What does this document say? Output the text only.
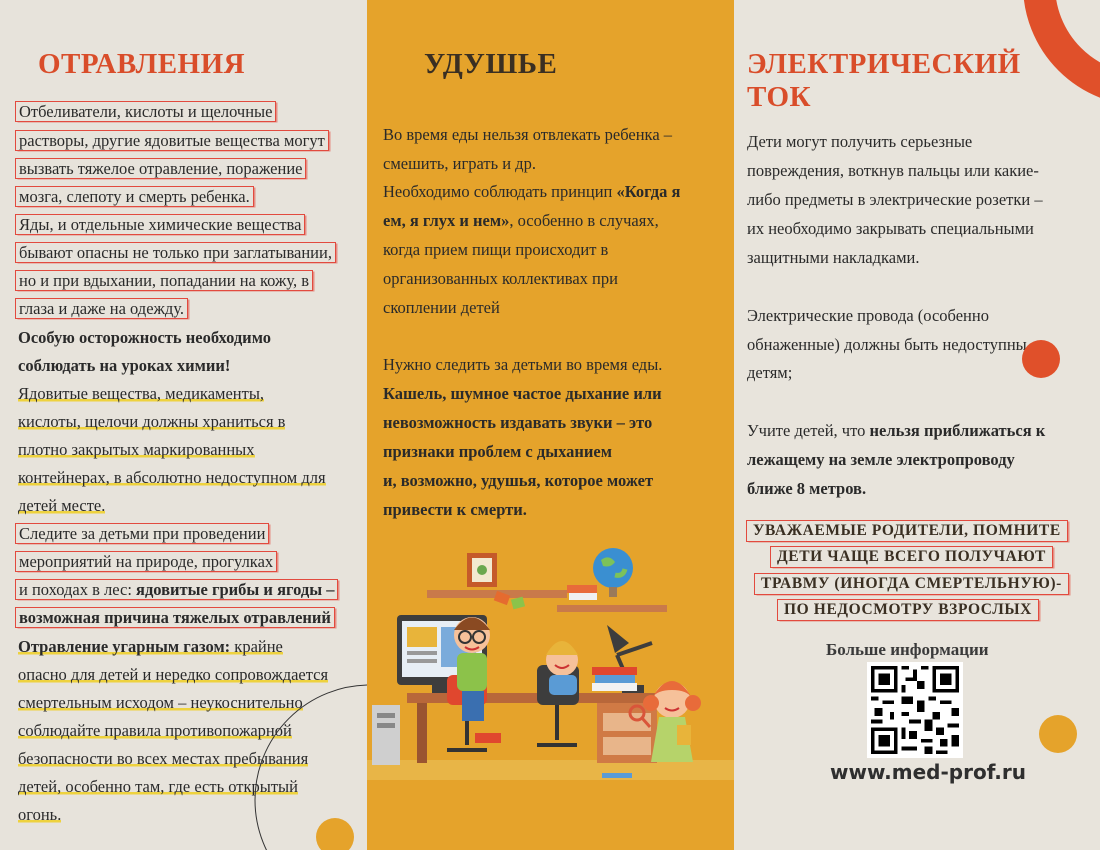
ОТРАВЛЕНИЯ
Отбеливатели, кислоты и щелочные
растворы, другие ядовитые вещества могут
вызвать тяжелое отравление, поражение
мозга, слепоту и смерть ребенка.
Яды, и отдельные химические вещества
бывают опасны не только при заглатывании,
но и при вдыхании, попадании на кожу, в
глаза и даже на одежду.
Особую осторожность необходимо
соблюдать на уроках химии!
Ядовитые вещества, медикаменты,
кислоты, щелочи должны храниться в
плотно закрытых маркированных
контейнерах, в абсолютно недоступном для
детей месте.
Следите за детьми при проведении
мероприятий на природе, прогулках
и походах в лес: ядовитые грибы и ягоды –
возможная причина тяжелых отравлений
Отравление угарным газом: крайне
опасно для детей и нередко сопровождается
смертельным исходом – неукоснительно
соблюдайте правила противопожарной
безопасности во всех местах пребывания
детей, особенно там, где есть открытый
огонь.
УДУШЬЕ
Во время еды нельзя отвлекать ребенка –
смешить, играть и др.
Необходимо соблюдать принцип «Когда я
ем, я глух и нем», особенно в случаях,
когда прием пищи происходит в
организованных коллективах при
скоплении детей
Нужно следить за детьми во время еды.
Кашель, шумное частое дыхание или
невозможность издавать звуки – это
признаки проблем с дыханием
и, возможно, удушья, которое может
привести к смерти.
ЭЛЕКТРИЧЕСКИЙ
ТОК
Дети могут получить серьезные
повреждения, воткнув пальцы или какие-
либо предметы в электрические розетки –
их необходимо закрывать специальными
защитными накладками.
Электрические провода (особенно
обнаженные) должны быть недоступны
детям;
Учите детей, что нельзя приближаться к
лежащему на земле электропроводу
ближе 8 метров.
УВАЖАЕМЫЕ РОДИТЕЛИ, ПОМНИТЕ
ДЕТИ ЧАЩЕ ВСЕГО ПОЛУЧАЮТ
ТРАВМУ (ИНОГДА СМЕРТЕЛЬНУЮ)-
ПО НЕДОСМОТРУ ВЗРОСЛЫХ
Больше информации
www.med-prof.ru
